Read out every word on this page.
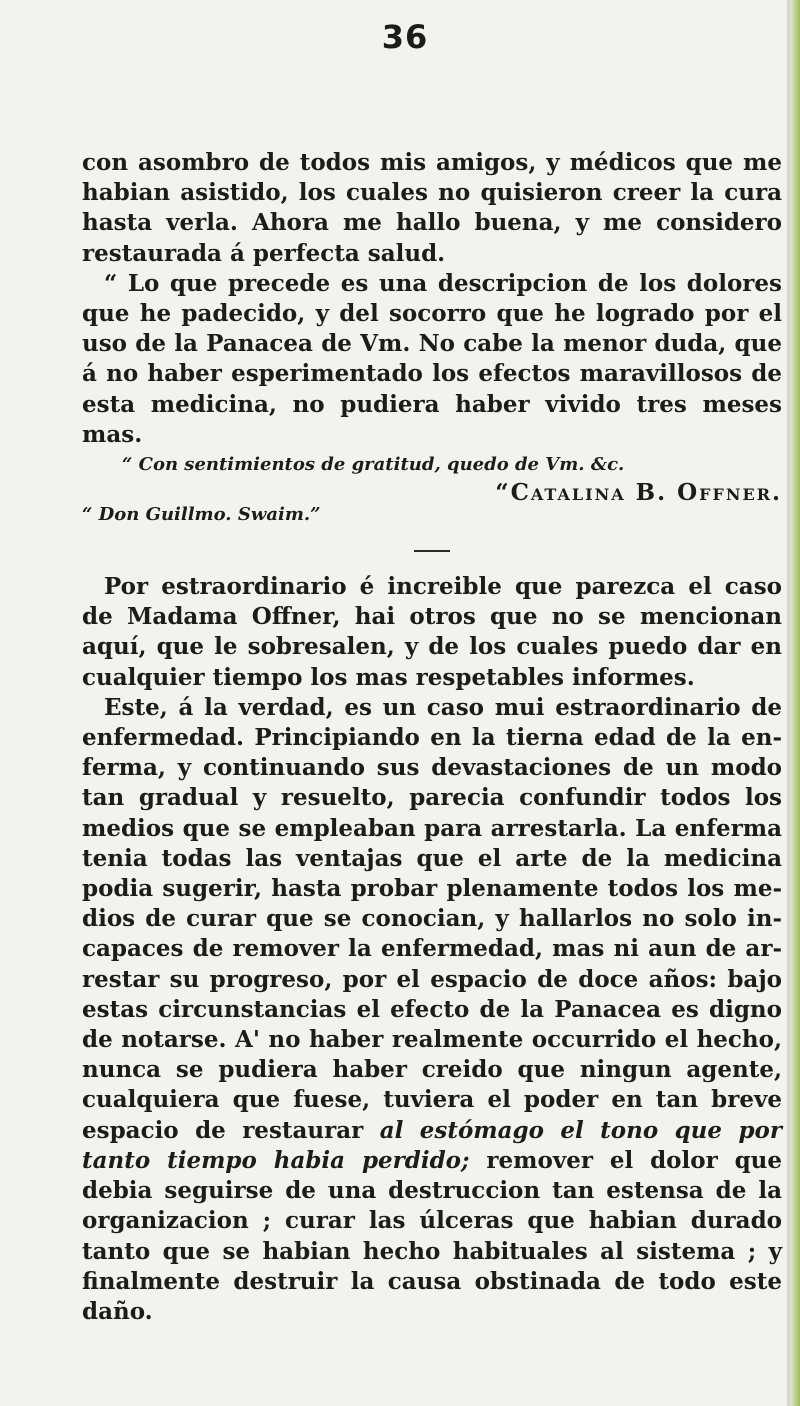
36

con asombro de todos mis amigos, y médicos que me habian asistido, los cuales no quisieron creer la cura hasta verla. Ahora me hallo buena, y me considero restaurada á perfecta salud.

“ Lo que precede es una descripcion de los dolores que he padecido, y del socorro que he logrado por el uso de la Panacea de Vm. No cabe la menor duda, que á no haber esperimentado los efectos maravillosos de esta medicina, no pudiera haber vivido tres meses mas.

“ Con sentimientos de gratitud, quedo de Vm. &c.

“Catalina B. Offner.

“ Don Guillmo. Swaim.”

Por estraordinario é increible que parezca el caso de Madama Offner, hai otros que no se mencionan aquí, que le sobresalen, y de los cuales puedo dar en cualquier tiempo los mas respetables informes.

Este, á la verdad, es un caso mui estraordinario de enfermedad. Principiando en la tierna edad de la enferma, y continuando sus devastaciones de un modo tan gradual y resuelto, parecia confundir todos los medios que se empleaban para arrestarla. La enferma tenia todas las ventajas que el arte de la medicina podia sugerir, hasta probar plenamente todos los medios de curar que se conocian, y hallarlos no solo incapaces de remover la enfermedad, mas ni aun de arrestar su progreso, por el espacio de doce años: bajo estas circunstancias el efecto de la Panacea es digno de notarse. A' no haber realmente occurrido el hecho, nunca se pudiera haber creido que ningun agente, cualquiera que fuese, tuviera el poder en tan breve espacio de restaurar al estómago el tono que por tanto tiempo habia perdido; remover el dolor que debia seguirse de una destruccion tan estensa de la organizacion ; curar las úlceras que habian durado tanto que se habian hecho habituales al sistema ; y finalmente destruir la causa obstinada de todo este daño.
